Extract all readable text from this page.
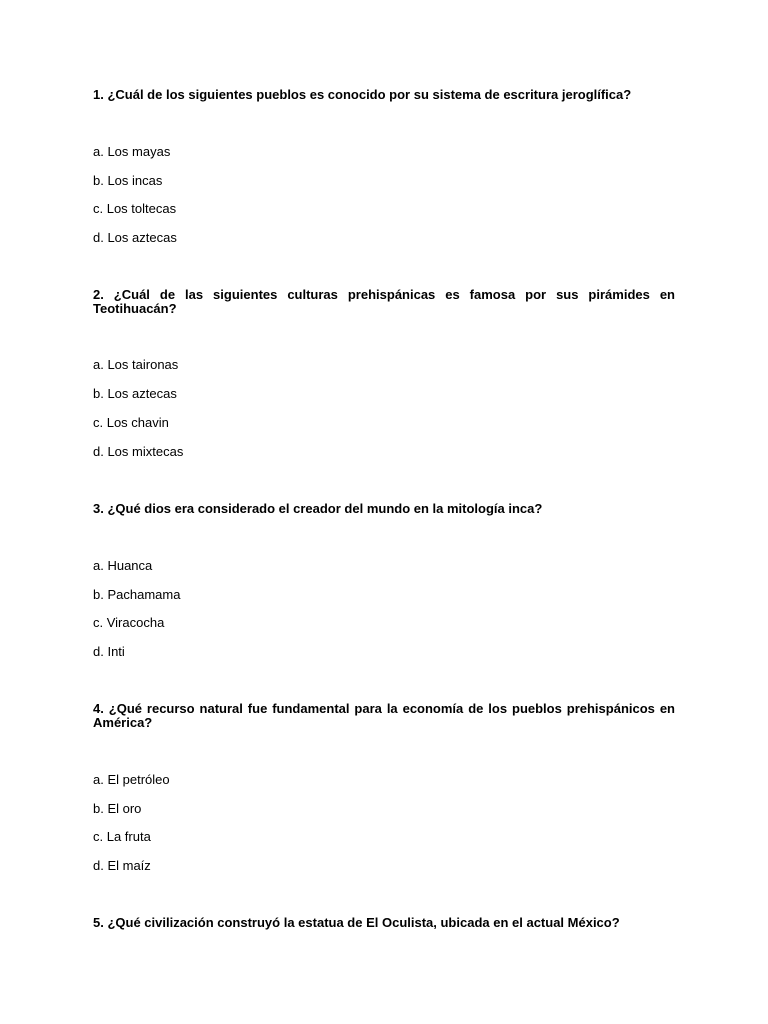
1. ¿Cuál de los siguientes pueblos es conocido por su sistema de escritura jeroglífica?
a. Los mayas
b. Los incas
c. Los toltecas
d. Los aztecas
2. ¿Cuál de las siguientes culturas prehispánicas es famosa por sus pirámides en Teotihuacán?
a. Los taironas
b. Los aztecas
c. Los chavin
d. Los mixtecas
3. ¿Qué dios era considerado el creador del mundo en la mitología inca?
a. Huanca
b. Pachamama
c. Viracocha
d. Inti
4. ¿Qué recurso natural fue fundamental para la economía de los pueblos prehispánicos en América?
a. El petróleo
b. El oro
c. La fruta
d. El maíz
5. ¿Qué civilización construyó la estatua de El Oculista, ubicada en el actual México?
